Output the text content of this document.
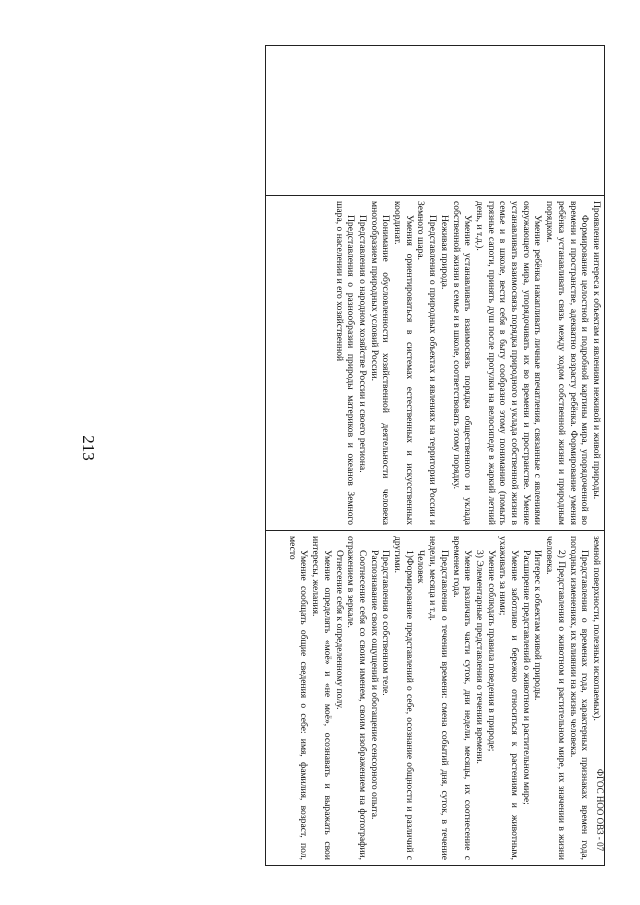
213
		Проявление интереса к объектам и явлениям неживой и живой природы.

Формирование целостной и подробной картины мира, упорядоченной во времени и пространстве, адекватно возрасту ребёнка. Формирование умения ребёнка устанавливать связь между ходом собственной жизни и природным порядком.

Умение ребёнка накапливать личные впечатления, связанные с явлениями окружающего мира, упорядочивать их во времени и пространстве. Умение устанавливать взаимосвязь порядка природного и уклада собственной жизни в семье и в школе, вести себя в быту сообразно этому пониманию (помыть грязные сапоги, принять душ после прогулки на велосипеде в жаркий летний день, и т.д.).

Умение устанавливать взаимосвязь порядка общественного и уклада собственной жизни в семье и в школе, соответствовать этому порядку.

Неживая природа.

Представления о природных объектах и явлениях на территории России и Земного шара.

Умения ориентироваться в системах естественных и искусственных координат.

Понимание обусловленности хозяйственной деятельности человека многообразием природных условий России.

Представления о народном хозяйстве России и своего региона.

Представления о разнообразии природы материков и океанов Земного шара, о населении и его хозяйственной

земной поверхности, полезных ископаемых).

Представления о временах года, характерных признаках времен года, погодных изменениях, их влиянии на жизнь человека.

2) Представления о животном и растительном мире, их значении в жизни человека.

Интерес к объектам живой природы.

Расширение представлений о животном и растительном мире;

Умение заботливо и бережно относиться к растениям и животным, ухаживать за ними;

Умение соблюдать правила поведения в природе;

3) Элементарные представления о течении времени.

Умение различать части суток, дни недели, месяцы, их соотнесение с временем года.

Представления о течении времени: смена событий дня, суток, в течение недели, месяца и т.д.

Человек

1)Формирование представлений о себе, осознание общности и различий с другими.

Представления о собственном теле.

Распознавание своих ощущений и обогащение сенсорного опыта.

Соотнесение себя со своим именем, своим изображением на фотографии, отражением в зеркале.

Отнесение себя к определенному полу.

Умение определять «моё» и «не моё», осознавать и выражать свои интересы, желания.

Умение сообщать общие сведения о себе: имя, фамилия, возраст, пол, место

ФГОС НОО ОВЗ - 07
